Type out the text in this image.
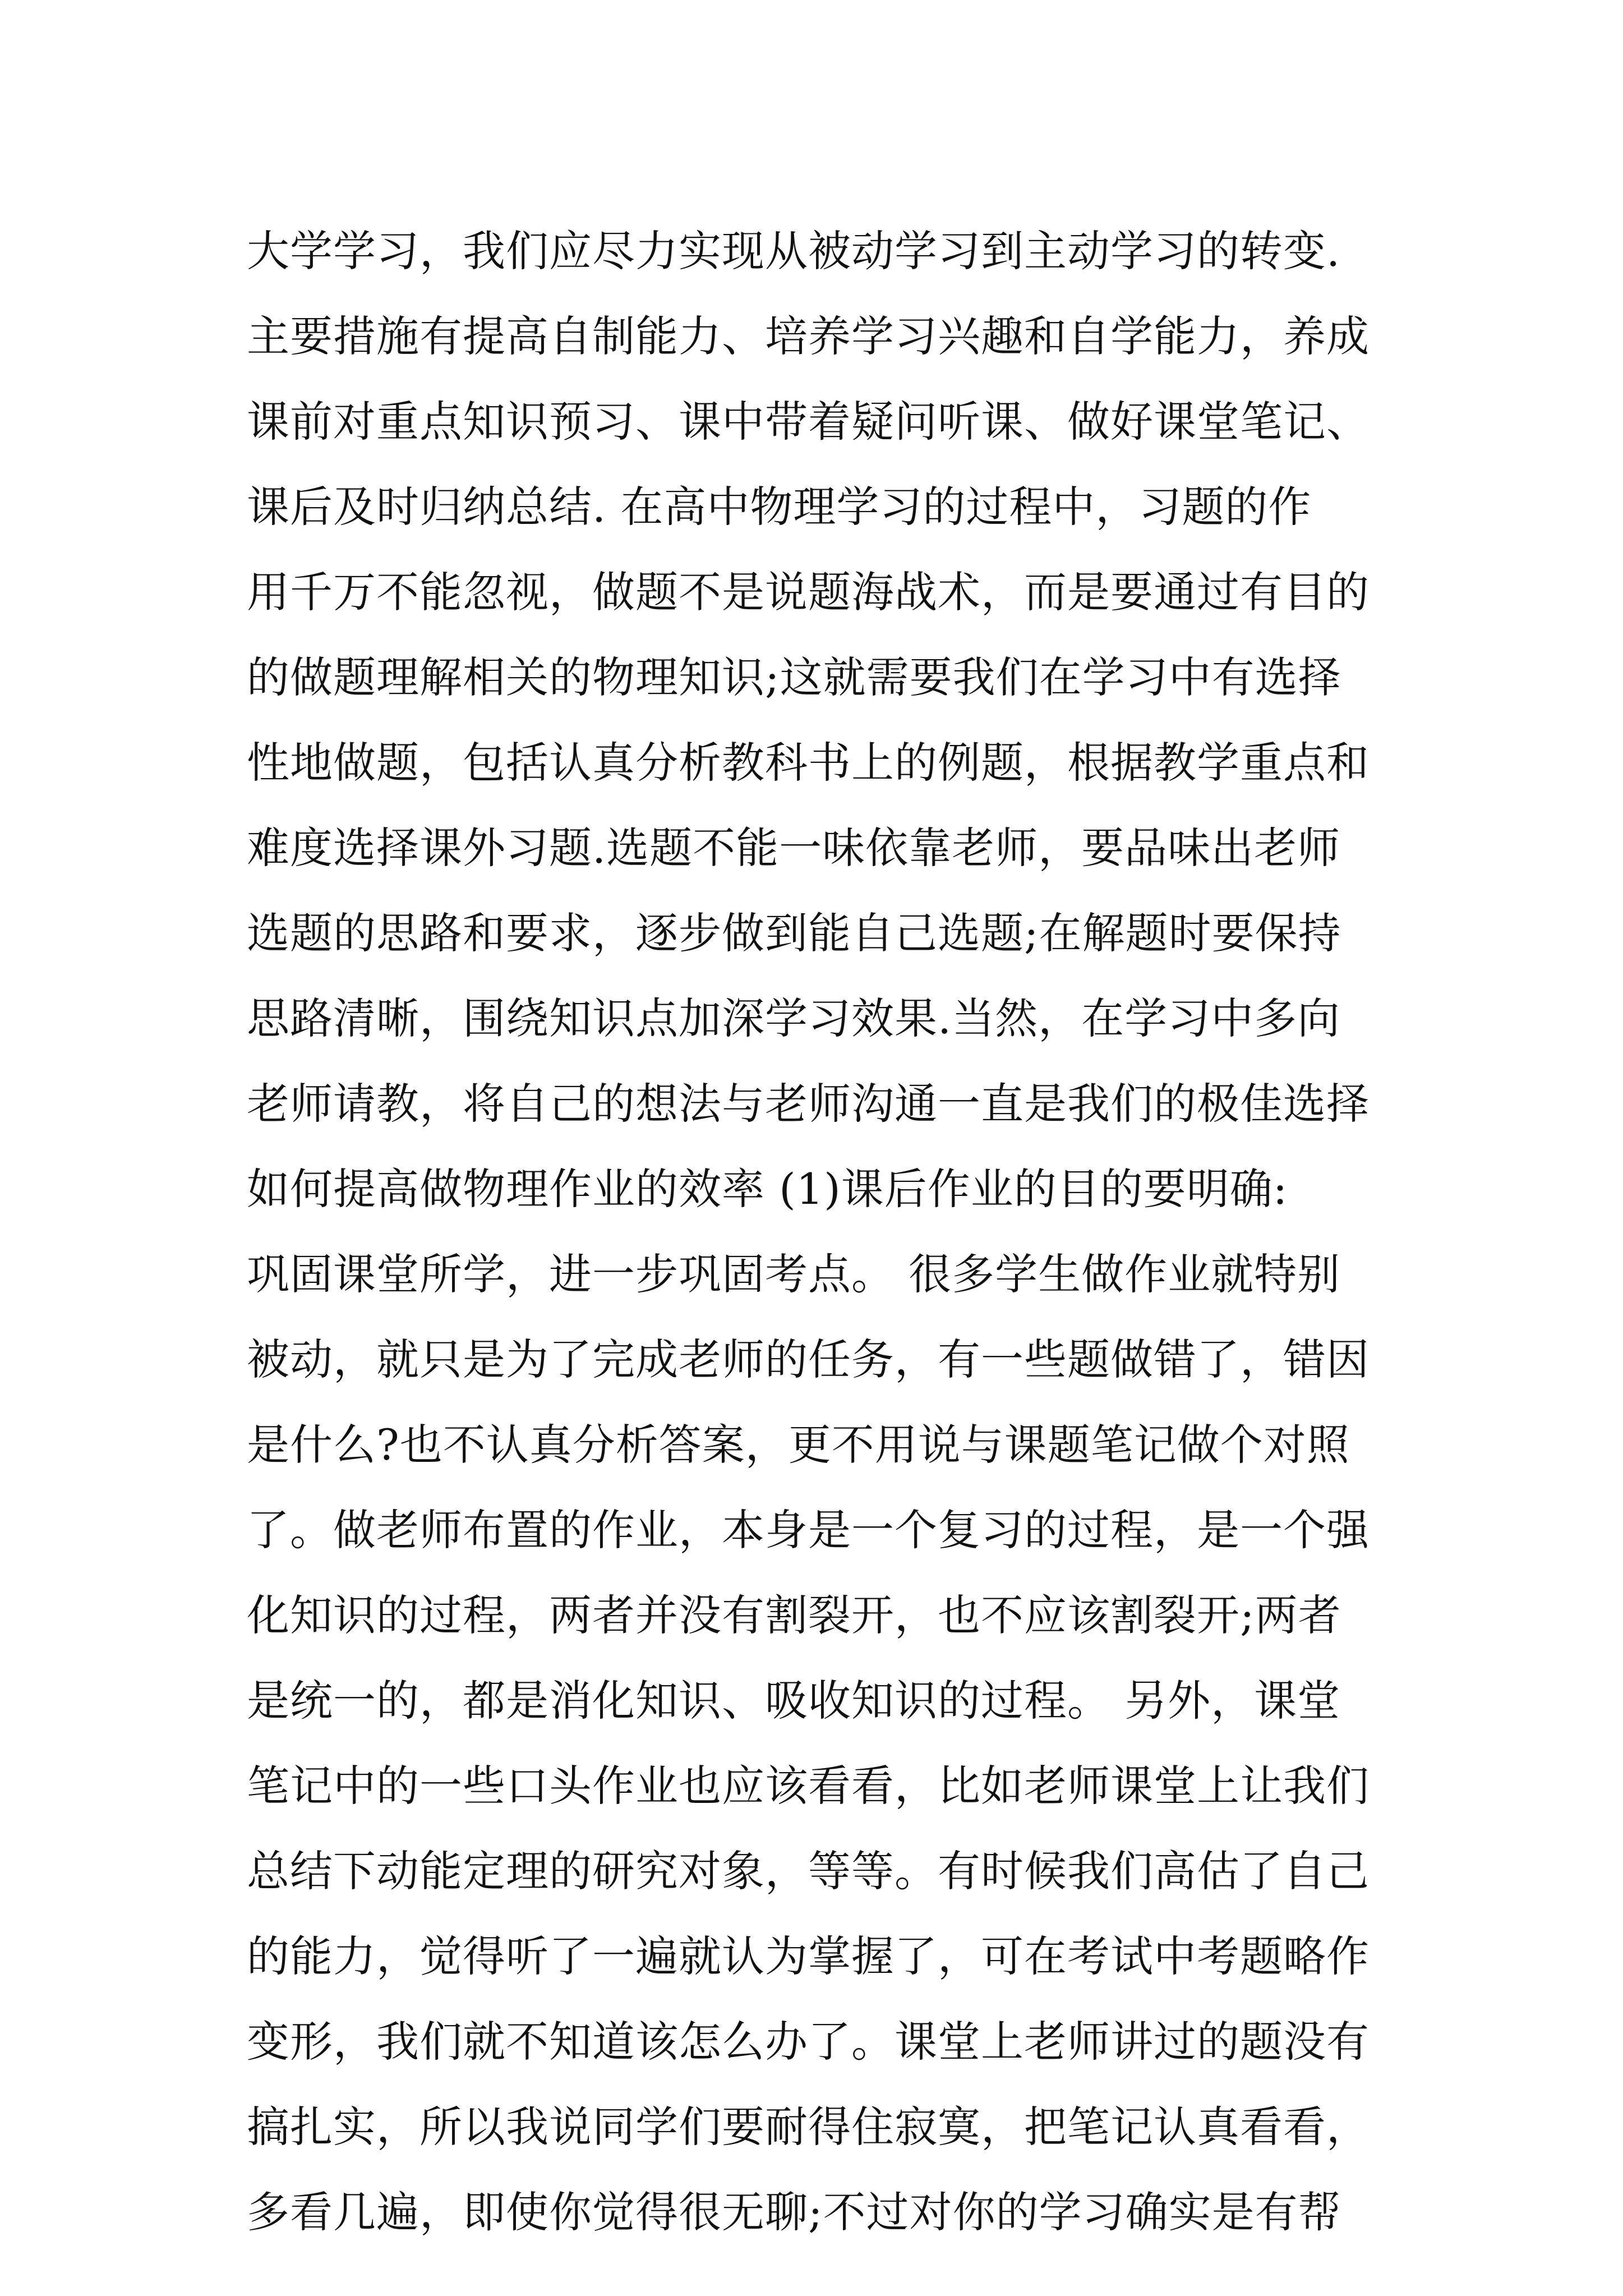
大学学习，我们应尽力实现从被动学习到主动学习的转变.
主要措施有提高自制能力、培养学习兴趣和自学能力，养成
课前对重点知识预习、课中带着疑问听课、做好课堂笔记、
课后及时归纳总结. 在高中物理学习的过程中，习题的作
用千万不能忽视，做题不是说题海战术，而是要通过有目的
的做题理解相关的物理知识;这就需要我们在学习中有选择
性地做题，包括认真分析教科书上的例题，根据教学重点和
难度选择课外习题.选题不能一味依靠老师，要品味出老师
选题的思路和要求，逐步做到能自己选题;在解题时要保持
思路清晰，围绕知识点加深学习效果.当然，在学习中多向
老师请教，将自己的想法与老师沟通一直是我们的极佳选择
如何提高做物理作业的效率 (1)课后作业的目的要明确:
巩固课堂所学，进一步巩固考点。 很多学生做作业就特别
被动，就只是为了完成老师的任务，有一些题做错了，错因
是什么?也不认真分析答案，更不用说与课题笔记做个对照
了。做老师布置的作业，本身是一个复习的过程，是一个强
化知识的过程，两者并没有割裂开，也不应该割裂开;两者
是统一的，都是消化知识、吸收知识的过程。 另外，课堂
笔记中的一些口头作业也应该看看，比如老师课堂上让我们
总结下动能定理的研究对象，等等。有时候我们高估了自己
的能力，觉得听了一遍就认为掌握了，可在考试中考题略作
变形，我们就不知道该怎么办了。课堂上老师讲过的题没有
搞扎实，所以我说同学们要耐得住寂寞，把笔记认真看看，
多看几遍，即使你觉得很无聊;不过对你的学习确实是有帮
